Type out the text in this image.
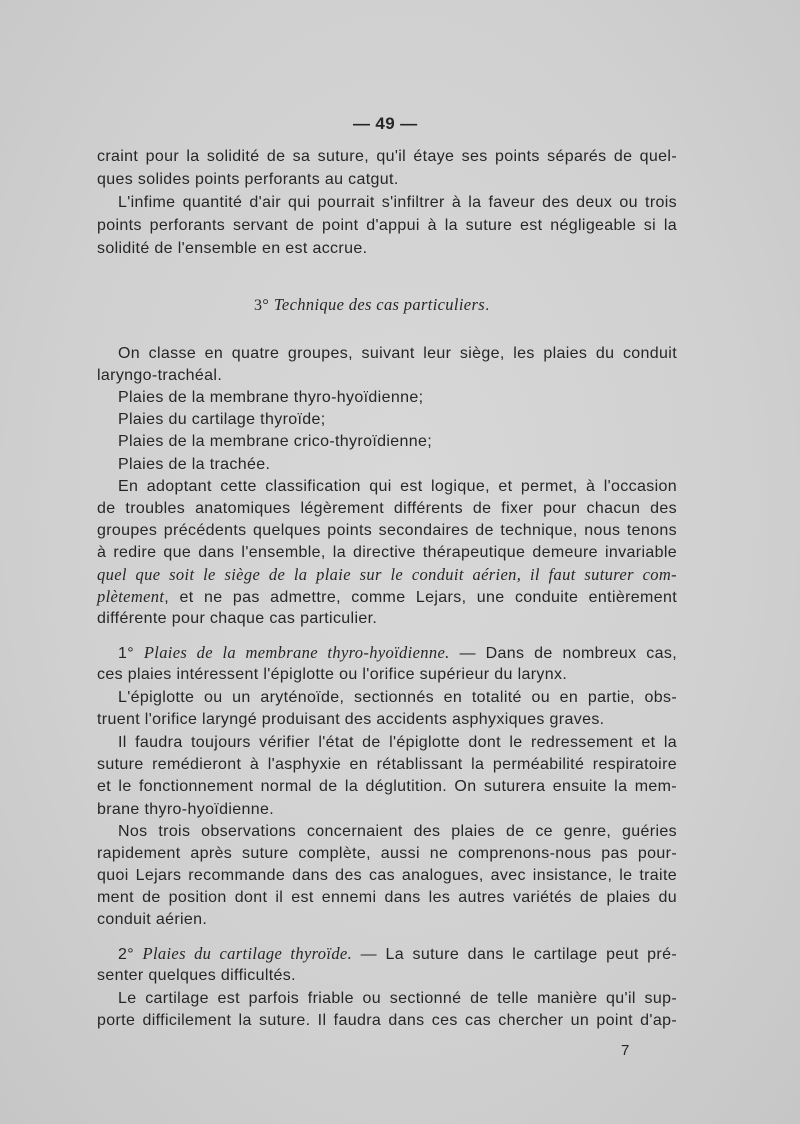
— 49 —
craint pour la solidité de sa suture, qu'il étaye ses points séparés de quel-
ques solides points perforants au catgut.
L'infime quantité d'air qui pourrait s'infiltrer à la faveur des deux ou trois
points perforants servant de point d'appui à la suture est négligeable si la
solidité de l'ensemble en est accrue.
3° Technique des cas particuliers.
On classe en quatre groupes, suivant leur siège, les plaies du conduit
laryngo-trachéal.
Plaies de la membrane thyro-hyoïdienne;
Plaies du cartilage thyroïde;
Plaies de la membrane crico-thyroïdienne;
Plaies de la trachée.
En adoptant cette classification qui est logique, et permet, à l'occasion
de troubles anatomiques légèrement différents de fixer pour chacun des
groupes précédents quelques points secondaires de technique, nous tenons
à redire que dans l'ensemble, la directive thérapeutique demeure invariable
quel que soit le siège de la plaie sur le conduit aérien, il faut suturer com-
plètement, et ne pas admettre, comme Lejars, une conduite entièrement
différente pour chaque cas particulier.
1° Plaies de la membrane thyro-hyoïdienne. — Dans de nombreux cas,
ces plaies intéressent l'épiglotte ou l'orifice supérieur du larynx.
L'épiglotte ou un aryténoïde, sectionnés en totalité ou en partie, obs-
truent l'orifice laryngé produisant des accidents asphyxiques graves.
Il faudra toujours vérifier l'état de l'épiglotte dont le redressement et la
suture remédieront à l'asphyxie en rétablissant la perméabilité respiratoire
et le fonctionnement normal de la déglutition. On suturera ensuite la mem-
brane thyro-hyoïdienne.
Nos trois observations concernaient des plaies de ce genre, guéries
rapidement après suture complète, aussi ne comprenons-nous pas pour-
quoi Lejars recommande dans des cas analogues, avec insistance, le traite
ment de position dont il est ennemi dans les autres variétés de plaies du
conduit aérien.
2° Plaies du cartilage thyroïde. — La suture dans le cartilage peut pré-
senter quelques difficultés.
Le cartilage est parfois friable ou sectionné de telle manière qu'il sup-
porte difficilement la suture. Il faudra dans ces cas chercher un point d'ap-
7
